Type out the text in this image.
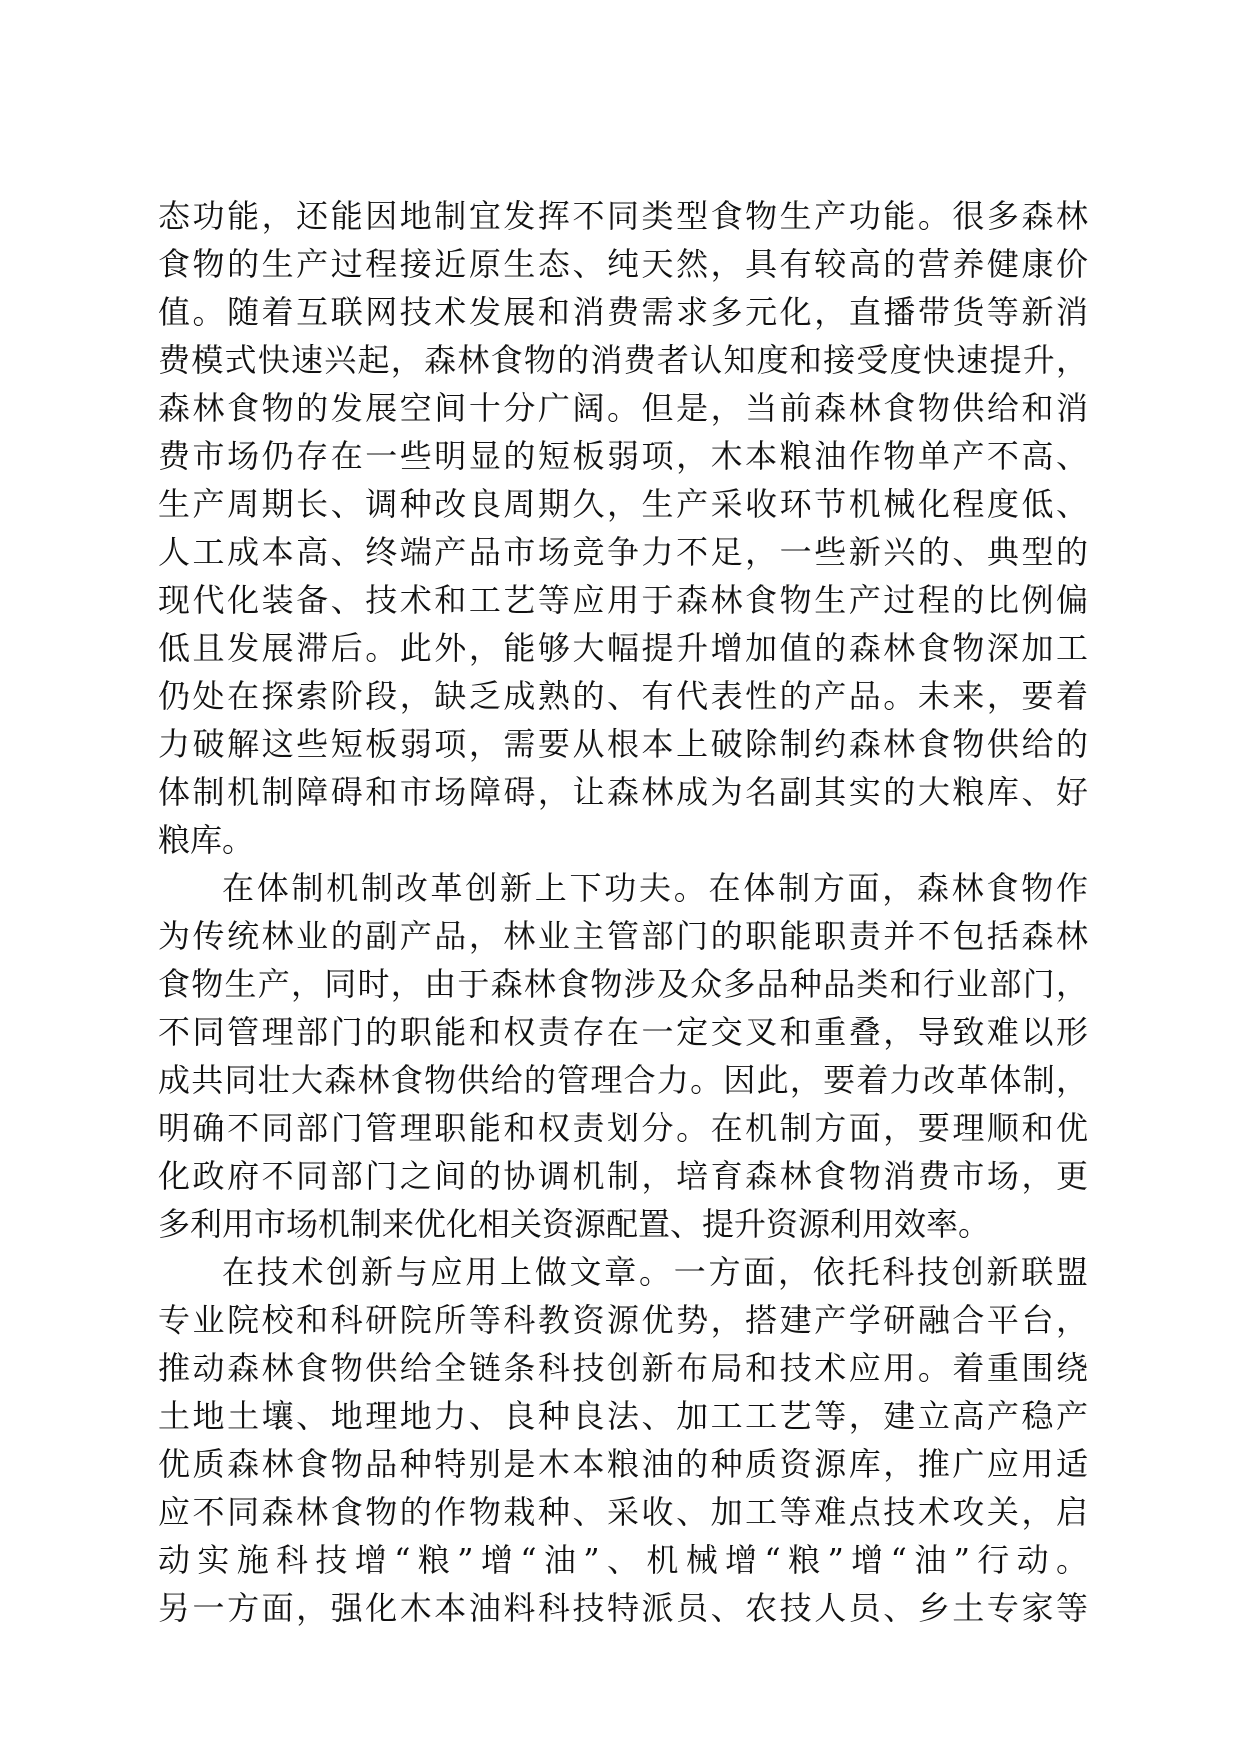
态功能，还能因地制宜发挥不同类型食物生产功能。很多森林
食物的生产过程接近原生态、纯天然，具有较高的营养健康价
值。随着互联网技术发展和消费需求多元化，直播带货等新消
费模式快速兴起，森林食物的消费者认知度和接受度快速提升，
森林食物的发展空间十分广阔。但是，当前森林食物供给和消
费市场仍存在一些明显的短板弱项，木本粮油作物单产不高、
生产周期长、调种改良周期久，生产采收环节机械化程度低、
人工成本高、终端产品市场竞争力不足，一些新兴的、典型的
现代化装备、技术和工艺等应用于森林食物生产过程的比例偏
低且发展滞后。此外，能够大幅提升增加值的森林食物深加工
仍处在探索阶段，缺乏成熟的、有代表性的产品。未来，要着
力破解这些短板弱项，需要从根本上破除制约森林食物供给的
体制机制障碍和市场障碍，让森林成为名副其实的大粮库、好
粮库。
在体制机制改革创新上下功夫。在体制方面，森林食物作
为传统林业的副产品，林业主管部门的职能职责并不包括森林
食物生产，同时，由于森林食物涉及众多品种品类和行业部门，
不同管理部门的职能和权责存在一定交叉和重叠，导致难以形
成共同壮大森林食物供给的管理合力。因此，要着力改革体制，
明确不同部门管理职能和权责划分。在机制方面，要理顺和优
化政府不同部门之间的协调机制，培育森林食物消费市场，更
多利用市场机制来优化相关资源配置、提升资源利用效率。
在技术创新与应用上做文章。一方面，依托科技创新联盟
专业院校和科研院所等科教资源优势，搭建产学研融合平台，
推动森林食物供给全链条科技创新布局和技术应用。着重围绕
土地土壤、地理地力、良种良法、加工工艺等，建立高产稳产
优质森林食物品种特别是木本粮油的种质资源库，推广应用适
应不同森林食物的作物栽种、采收、加工等难点技术攻关，启
动实施科技增“粮”增“油”、机械增“粮”增“油”行动。
另一方面，强化木本油料科技特派员、农技人员、乡土专家等
